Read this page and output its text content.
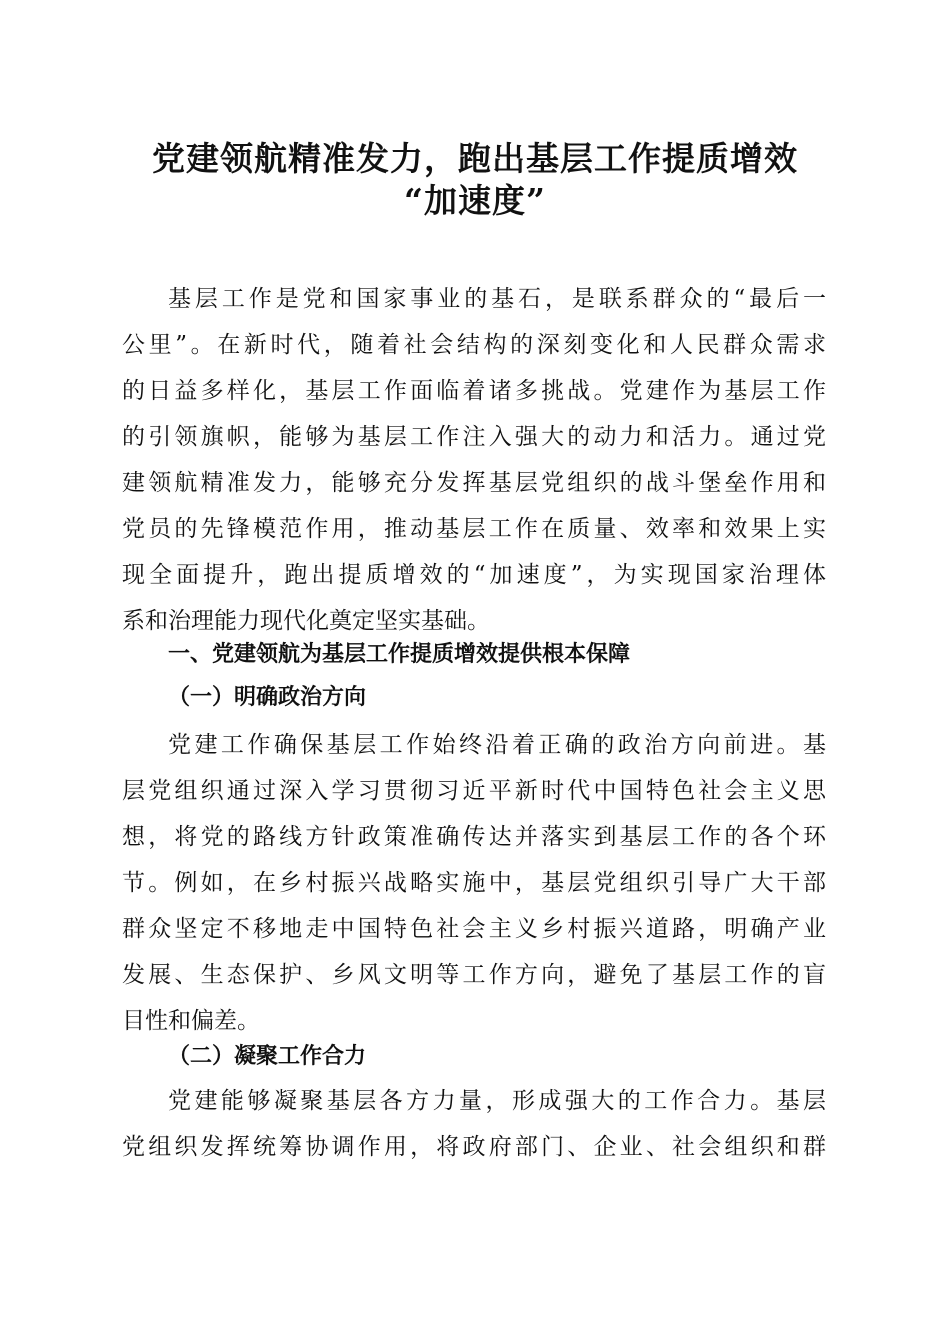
党建领航精准发力，跑出基层工作提质增效
“加速度”

基层工作是党和国家事业的基石，是联系群众的“最后一

公里”。在新时代，随着社会结构的深刻变化和人民群众需求

的日益多样化，基层工作面临着诸多挑战。党建作为基层工作

的引领旗帜，能够为基层工作注入强大的动力和活力。通过党

建领航精准发力，能够充分发挥基层党组织的战斗堡垒作用和

党员的先锋模范作用，推动基层工作在质量、效率和效果上实

现全面提升，跑出提质增效的“加速度”，为实现国家治理体

系和治理能力现代化奠定坚实基础。

一、党建领航为基层工作提质增效提供根本保障
（一）明确政治方向

党建工作确保基层工作始终沿着正确的政治方向前进。基

层党组织通过深入学习贯彻习近平新时代中国特色社会主义思

想，将党的路线方针政策准确传达并落实到基层工作的各个环

节。例如，在乡村振兴战略实施中，基层党组织引导广大干部

群众坚定不移地走中国特色社会主义乡村振兴道路，明确产业

发展、生态保护、乡风文明等工作方向，避免了基层工作的盲

目性和偏差。

（二）凝聚工作合力

党建能够凝聚基层各方力量，形成强大的工作合力。基层

党组织发挥统筹协调作用，将政府部门、企业、社会组织和群
